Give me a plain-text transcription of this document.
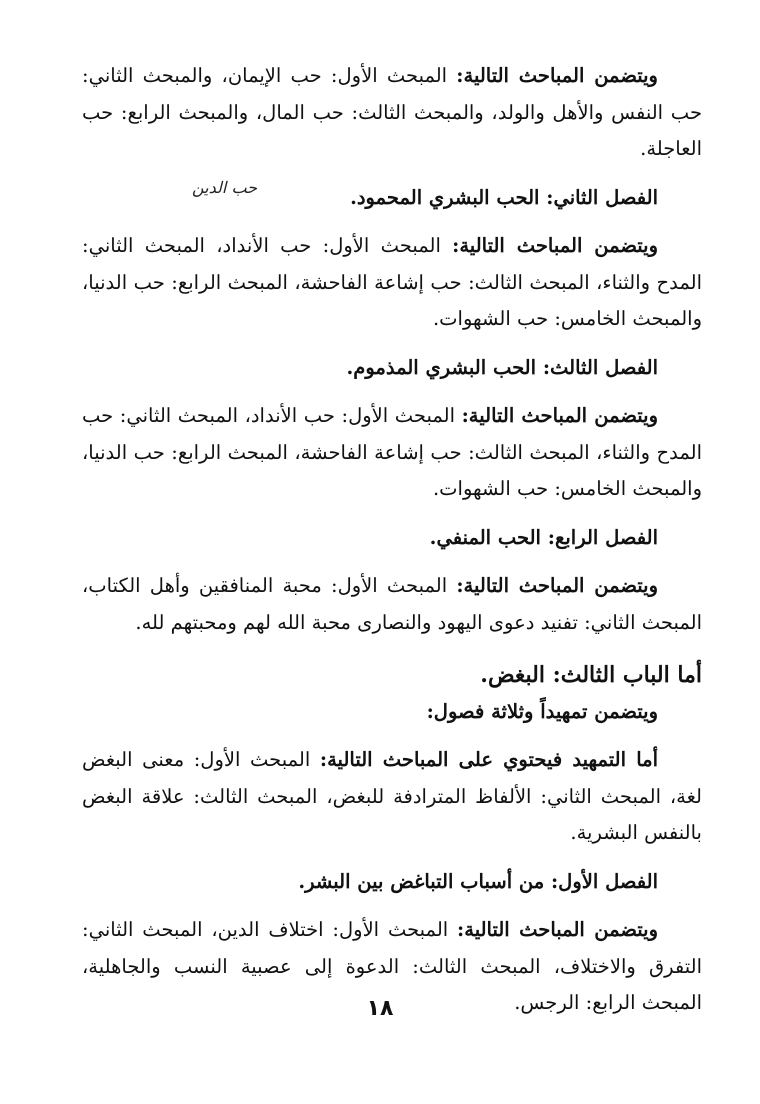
حب الدين

ويتضمن المباحث التالية: المبحث الأول: حب الإيمان، والمبحث الثاني: حب النفس والأهل والولد، والمبحث الثالث: حب المال، والمبحث الرابع: حب العاجلة.

الفصل الثاني: الحب البشري المحمود.

ويتضمن المباحث التالية: المبحث الأول: حب الأنداد، المبحث الثاني: المدح والثناء، المبحث الثالث: حب إشاعة الفاحشة، المبحث الرابع: حب الدنيا، والمبحث الخامس: حب الشهوات.

الفصل الثالث: الحب البشري المذموم.

ويتضمن المباحث التالية: المبحث الأول: حب الأنداد، المبحث الثاني: حب المدح والثناء، المبحث الثالث: حب إشاعة الفاحشة، المبحث الرابع: حب الدنيا، والمبحث الخامس: حب الشهوات.

الفصل الرابع: الحب المنفي.

ويتضمن المباحث التالية: المبحث الأول: محبة المنافقين وأهل الكتاب، المبحث الثاني: تفنيد دعوى اليهود والنصارى محبة الله لهم ومحبتهم لله.

أما الباب الثالث: البغض.

ويتضمن تمهيداً وثلاثة فصول:

أما التمهيد فيحتوي على المباحث التالية: المبحث الأول: معنى البغض لغة، المبحث الثاني: الألفاظ المترادفة للبغض، المبحث الثالث: علاقة البغض بالنفس البشرية.

الفصل الأول: من أسباب التباغض بين البشر.

ويتضمن المباحث التالية: المبحث الأول: اختلاف الدين، المبحث الثاني: التفرق والاختلاف، المبحث الثالث: الدعوة إلى عصبية النسب والجاهلية، المبحث الرابع: الرجس.

١٨
